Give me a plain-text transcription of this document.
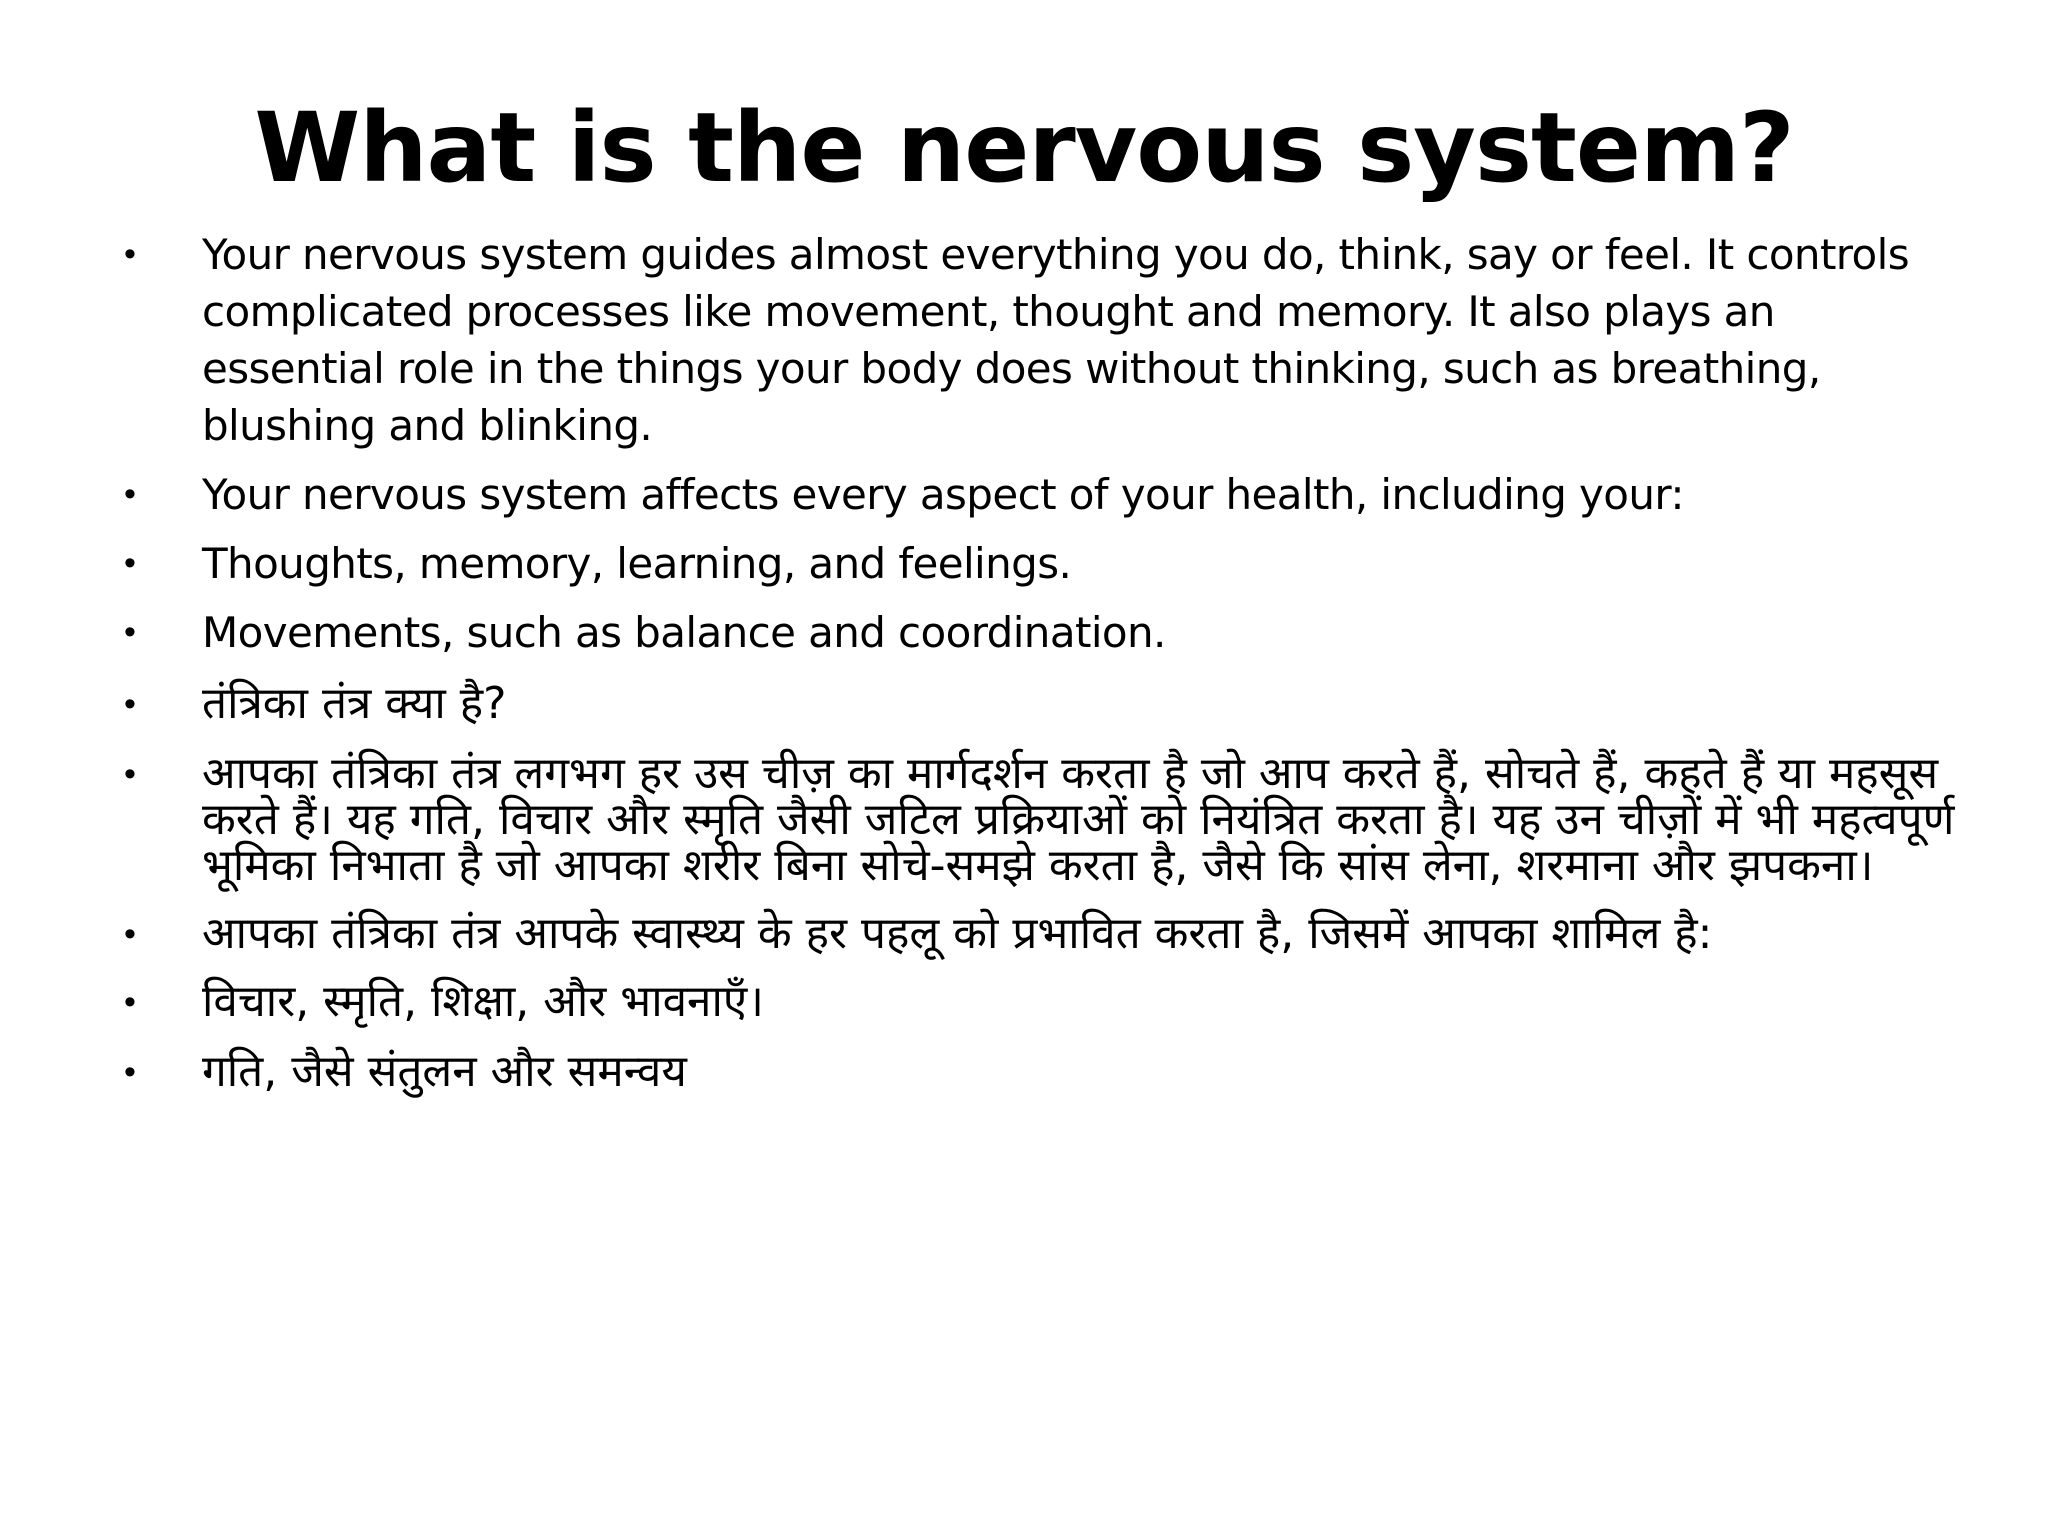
What is the nervous system?
• Your nervous system guides almost everything you do, think, say or feel. It controls complicated processes like movement, thought and memory. It also plays an essential role in the things your body does without thinking, such as breathing, blushing and blinking.
• Your nervous system affects every aspect of your health, including your:
• Thoughts, memory, learning, and feelings.
• Movements, such as balance and coordination.
• तंत्रिका तंत्र क्या है?
• आपका तंत्रिका तंत्र लगभग हर उस चीज़ का मार्गदर्शन करता है जो आप करते हैं, सोचते हैं, कहते हैं या महसूस करते हैं। यह गति, विचार और स्मृति जैसी जटिल प्रक्रियाओं को नियंत्रित करता है। यह उन चीज़ों में भी महत्वपूर्ण भूमिका निभाता है जो आपका शरीर बिना सोचे-समझे करता है, जैसे कि सांस लेना, शरमाना और झपकना।
• आपका तंत्रिका तंत्र आपके स्वास्थ्य के हर पहलू को प्रभावित करता है, जिसमें आपका शामिल है:
• विचार, स्मृति, शिक्षा, और भावनाएँ।
• गति, जैसे संतुलन और समन्वय
